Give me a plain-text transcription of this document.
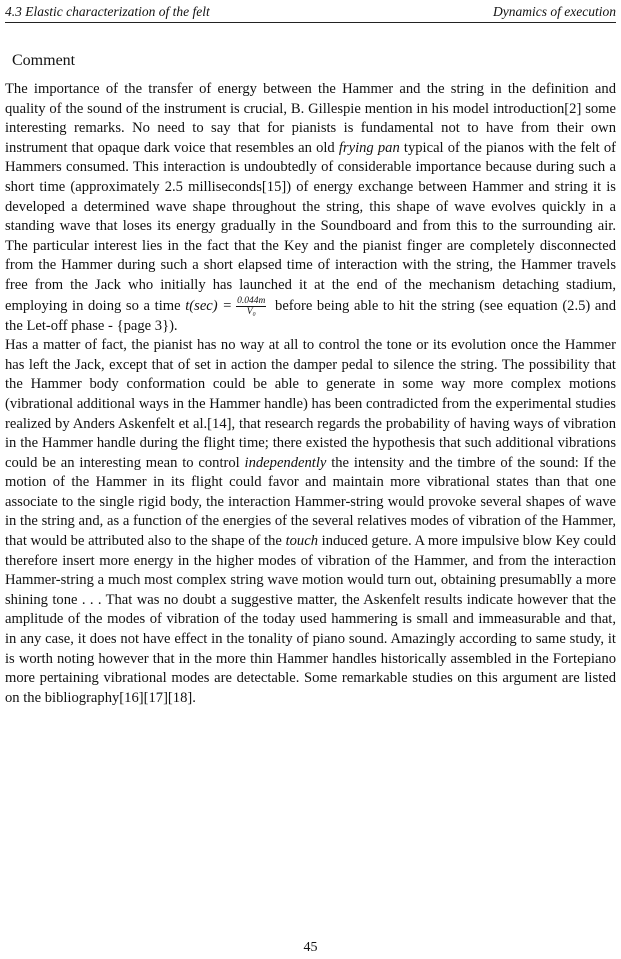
4.3 Elastic characterization of the felt	Dynamics of execution
Comment

The importance of the transfer of energy between the Hammer and the string in the definition and quality of the sound of the instrument is crucial, B. Gillespie mention in his model introduction[2] some interesting remarks. No need to say that for pianists is fundamental not to have from their own instrument that opaque dark voice that resembles an old frying pan typical of the pianos with the felt of Hammers consumed. This interaction is undoubtedly of considerable importance because during such a short time (approximately 2.5 milliseconds[15]) of energy exchange between Hammer and string it is developed a determined wave shape throughout the string, this shape of wave evolves quickly in a standing wave that loses its energy gradually in the Soundboard and from this to the surrounding air. The particular interest lies in the fact that the Key and the pianist finger are completely disconnected from the Hammer during such a short elapsed time of interaction with the string, the Hammer travels free from the Jack who initially has launched it at the end of the mechanism detaching stadium, employing in doing so a time $t(\sec) = \frac{0.044m}{\text{V₀}}$ before being able to hit the string (see equation (2.5) and the Let-off phase - {page 3}).

Has a matter of fact, the pianist has no way at all to control the tone or its evolution once the Hammer has left the Jack, except that of set in action the damper pedal to silence the string. The possibility that the Hammer body conformation could be able to generate in some way more complex motions (vibrational additional ways in the Hammer handle) has been contradicted from the experimental studies realized by Anders Askenfelt et al.[14], that research regards the probability of having ways of vibration in the Hammer handle during the flight time; there existed the hypothesis that such additional vibrations could be an interesting mean to control independently the intensity and the timbre of the sound: If the motion of the Hammer in its flight could favor and maintain more vibrational states than that one associate to the single rigid body, the interaction Hammer-string would provoke several shapes of wave in the string and, as a function of the energies of the several relatives modes of vibration of the Hammer, that would be attributed also to the shape of the touch induced geture. A more impulsive blow Key could therefore insert more energy in the higher modes of vibration of the Hammer, and from the interaction Hammer-string a much most complex string wave motion would turn out, obtaining presumablly a more shining tone . . . That was no doubt a suggestive matter, the Askenfelt results indicate however that the amplitude of the modes of vibration of the today used hammering is small and immeasurable and that, in any case, it does not have effect in the tonality of piano sound. Amazingly according to same study, it is worth noting however that in the more thin Hammer handles historically assembled in the Fortepiano more pertaining vibrational modes are detectable. Some remarkable studies on this argument are listed on the bibliography[16][17][18].

45
